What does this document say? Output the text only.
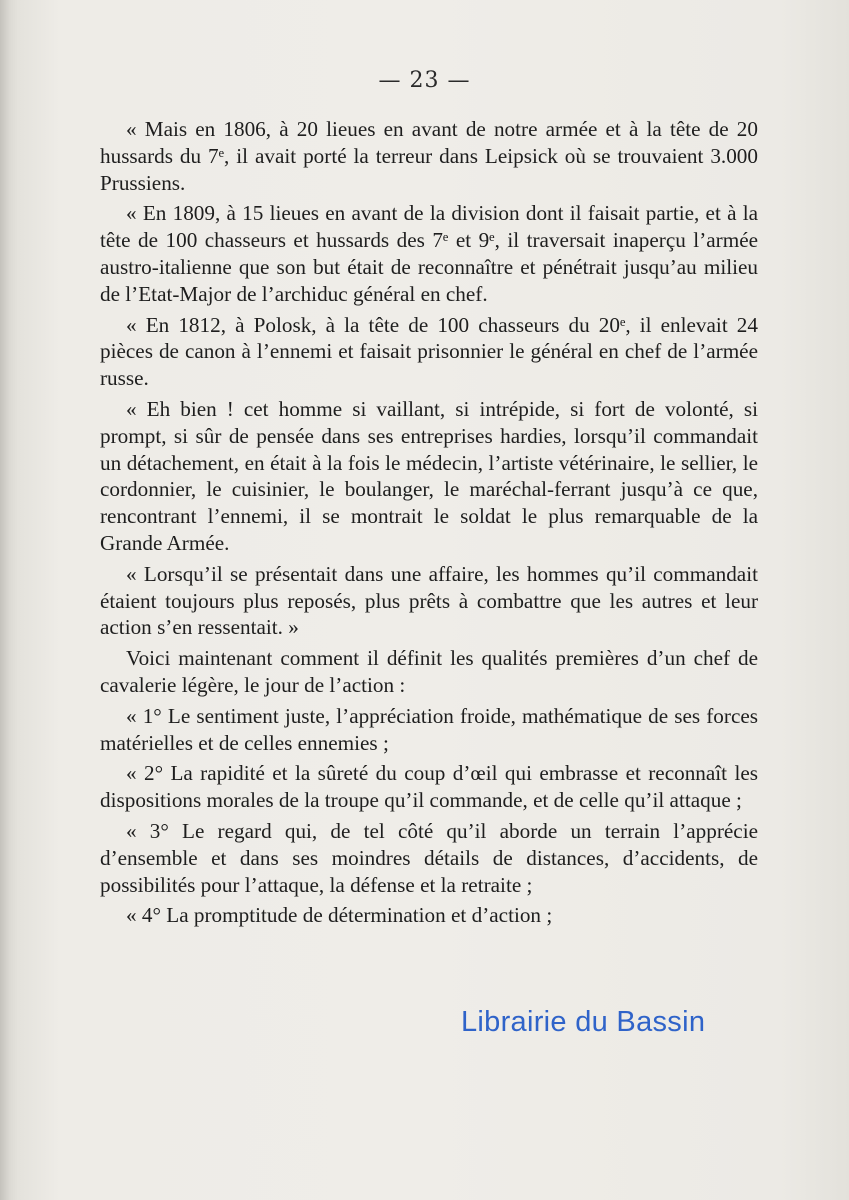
— 23 —

« Mais en 1806, à 20 lieues en avant de notre armée et à la tête de 20 hussards du 7ᵉ, il avait porté la terreur dans Leipsick où se trouvaient 3.000 Prussiens.

« En 1809, à 15 lieues en avant de la division dont il faisait partie, et à la tête de 100 chasseurs et hussards des 7ᵉ et 9ᵉ, il traversait inaperçu l’armée austro-italienne que son but était de reconnaître et pénétrait jusqu’au milieu de l’Etat-Major de l’archiduc général en chef.

« En 1812, à Polosk, à la tête de 100 chasseurs du 20ᵉ, il enlevait 24 pièces de canon à l’ennemi et faisait prisonnier le général en chef de l’armée russe.

« Eh bien ! cet homme si vaillant, si intrépide, si fort de volonté, si prompt, si sûr de pensée dans ses entreprises hardies, lorsqu’il commandait un détachement, en était à la fois le médecin, l’artiste vétérinaire, le sellier, le cordonnier, le cuisinier, le boulanger, le maréchal-ferrant jusqu’à ce que, rencontrant l’ennemi, il se montrait le soldat le plus remarquable de la Grande Armée.

« Lorsqu’il se présentait dans une affaire, les hommes qu’il commandait étaient toujours plus reposés, plus prêts à combattre que les autres et leur action s’en ressentait. »

Voici maintenant comment il définit les qualités premières d’un chef de cavalerie légère, le jour de l’action :

« 1° Le sentiment juste, l’appréciation froide, mathématique de ses forces matérielles et de celles ennemies ;

« 2° La rapidité et la sûreté du coup d’œil qui embrasse et reconnaît les dispositions morales de la troupe qu’il commande, et de celle qu’il attaque ;

« 3° Le regard qui, de tel côté qu’il aborde un terrain l’apprécie d’ensemble et dans ses moindres détails de distances, d’accidents, de possibilités pour l’attaque, la défense et la retraite ;

« 4° La promptitude de détermination et d’action ;

Librairie du Bassin
